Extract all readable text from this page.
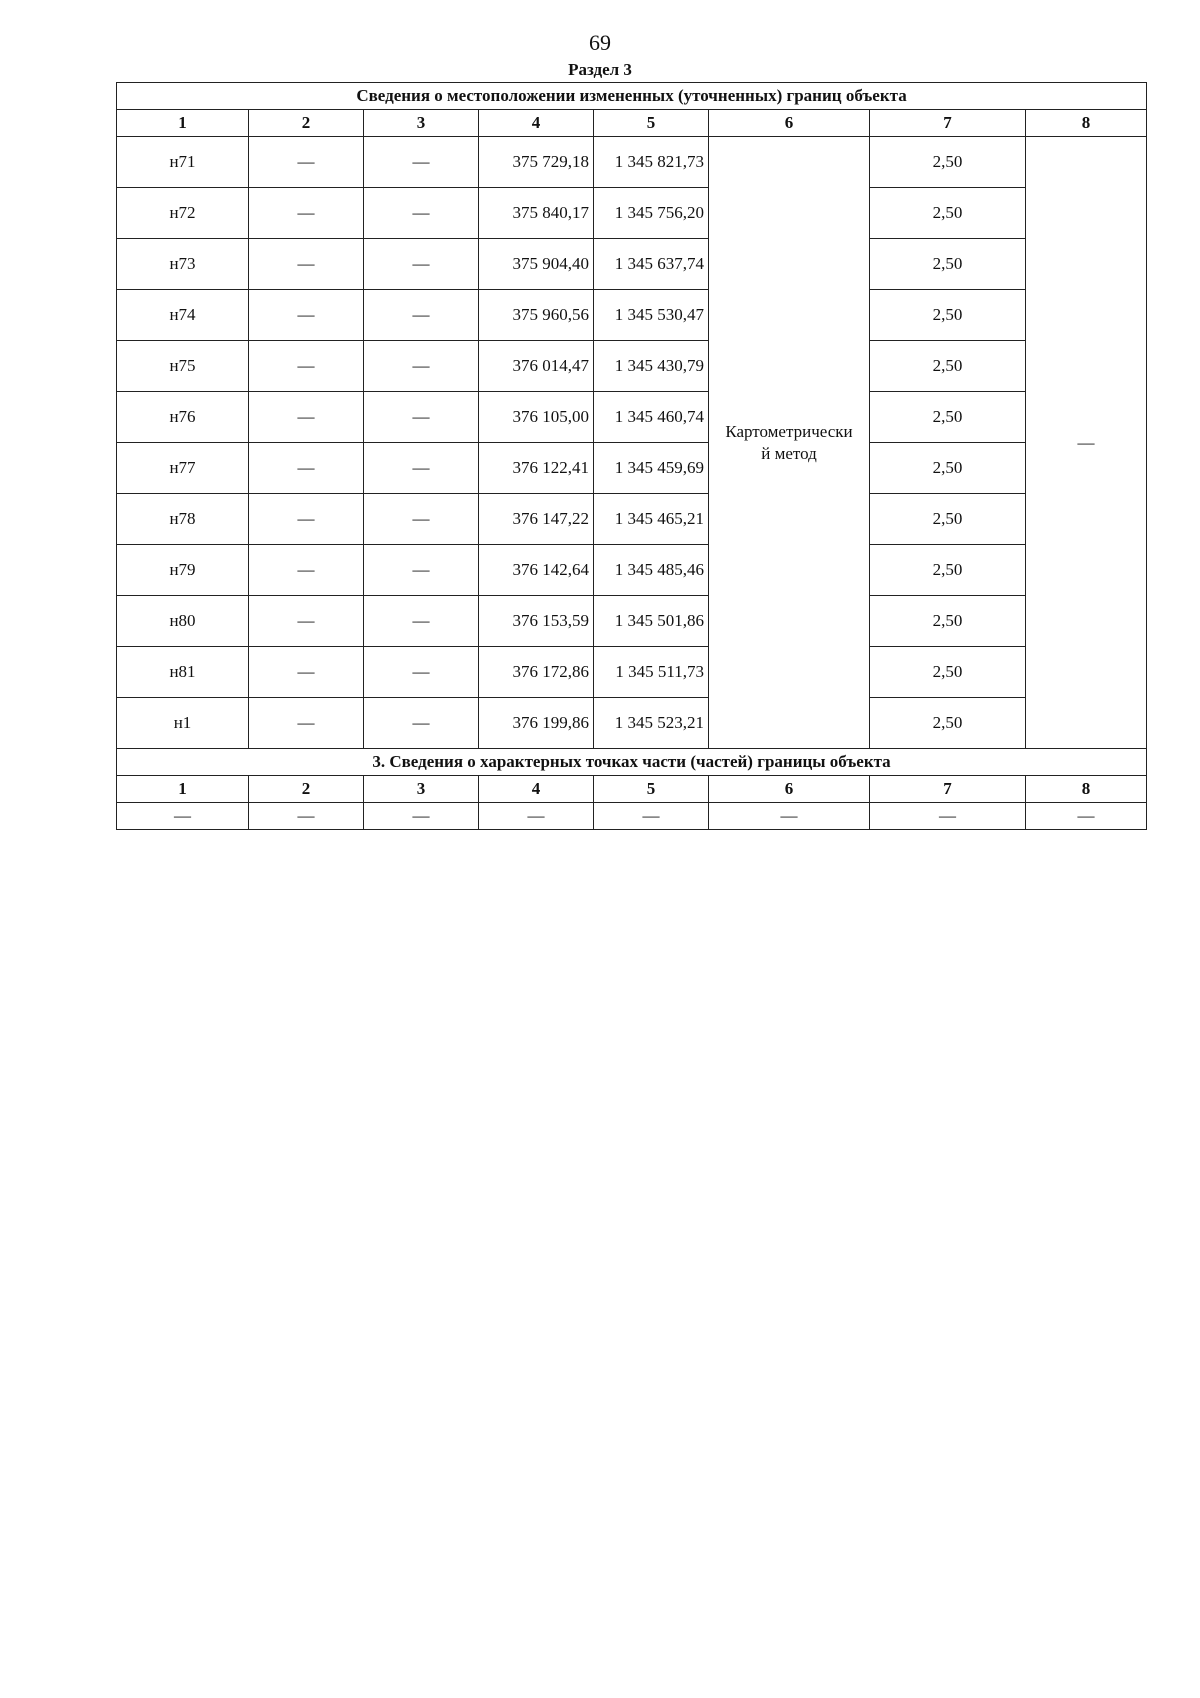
69
Раздел 3
Сведения о местоположении измененных (уточненных) границ объекта							
1	2	3	4	5	6	7	8
н71	—	—	375 729,18	1 345 821,73	Картометрически
й метод	2,50	—
н72	—	—	375 840,17	1 345 756,20		2,50	
н73	—	—	375 904,40	1 345 637,74		2,50	
н74	—	—	375 960,56	1 345 530,47		2,50	
н75	—	—	376 014,47	1 345 430,79		2,50	
н76	—	—	376 105,00	1 345 460,74		2,50	
н77	—	—	376 122,41	1 345 459,69		2,50	
н78	—	—	376 147,22	1 345 465,21		2,50	
н79	—	—	376 142,64	1 345 485,46		2,50	
н80	—	—	376 153,59	1 345 501,86		2,50	
н81	—	—	376 172,86	1 345 511,73		2,50	
н1	—	—	376 199,86	1 345 523,21		2,50	
3. Сведения о характерных точках части (частей) границы объекта							
1	2	3	4	5	6	7	8
—	—	—	—	—	—	—	—
